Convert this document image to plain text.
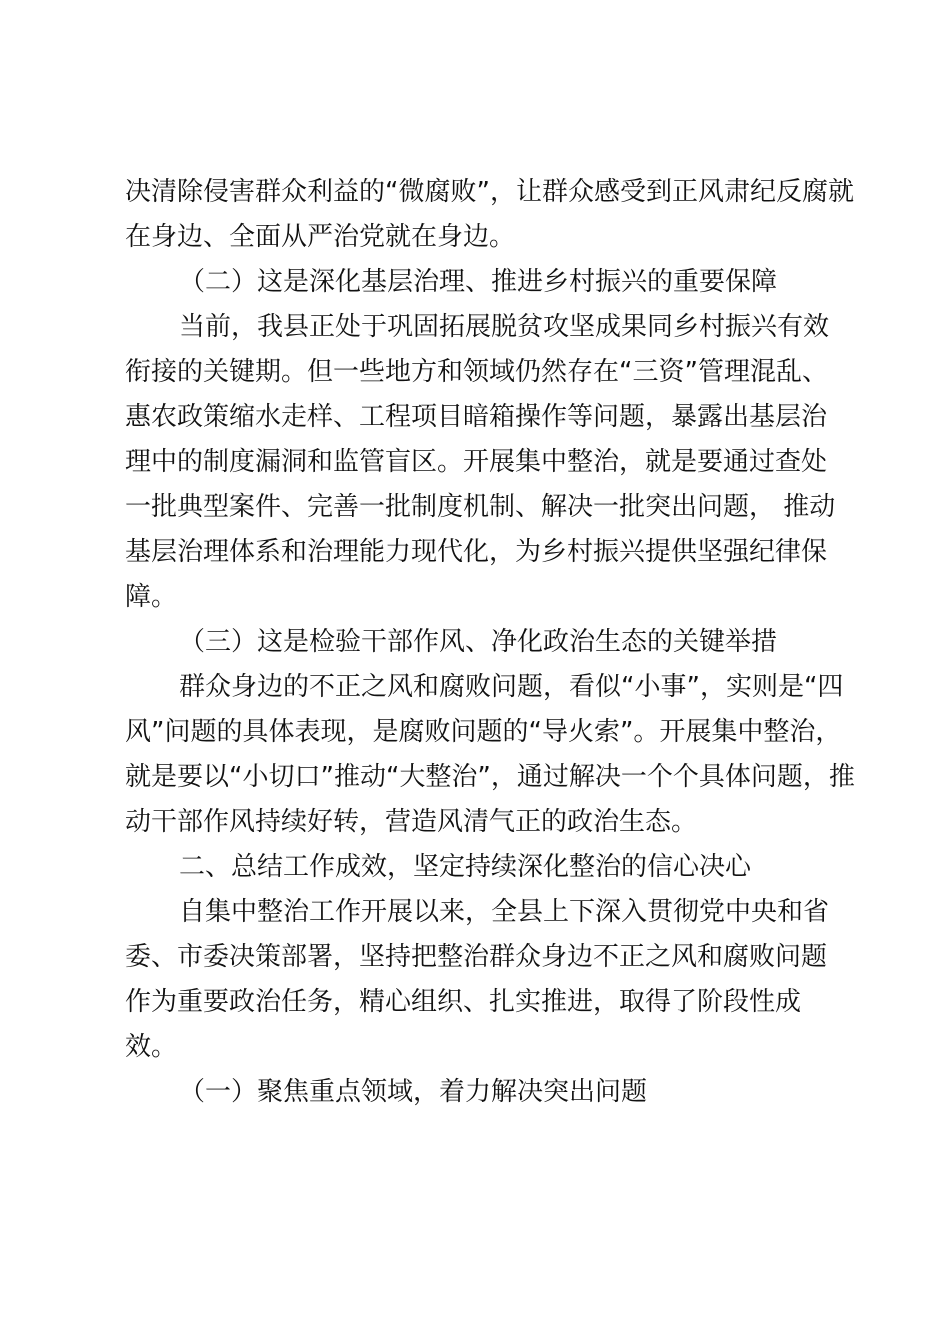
决清除侵害群众利益的“微腐败”，让群众感受到正风肃纪反腐就
在身边、全面从严治党就在身边。
（二）这是深化基层治理、推进乡村振兴的重要保障
当前，我县正处于巩固拓展脱贫攻坚成果同乡村振兴有效
衔接的关键期。但一些地方和领域仍然存在“三资”管理混乱、
惠农政策缩水走样、工程项目暗箱操作等问题，暴露出基层治
理中的制度漏洞和监管盲区。开展集中整治，就是要通过查处
一批典型案件、完善一批制度机制、解决一批突出问题， 推动
基层治理体系和治理能力现代化，为乡村振兴提供坚强纪律保
障。
（三）这是检验干部作风、净化政治生态的关键举措
群众身边的不正之风和腐败问题，看似“小事”，实则是“四
风”问题的具体表现，是腐败问题的“导火索”。开展集中整治，
就是要以“小切口”推动“大整治”，通过解决一个个具体问题，推
动干部作风持续好转，营造风清气正的政治生态。
二、总结工作成效，坚定持续深化整治的信心决心
自集中整治工作开展以来，全县上下深入贯彻党中央和省
委、市委决策部署，坚持把整治群众身边不正之风和腐败问题
作为重要政治任务，精心组织、扎实推进，取得了阶段性成
效。
（一）聚焦重点领域，着力解决突出问题
